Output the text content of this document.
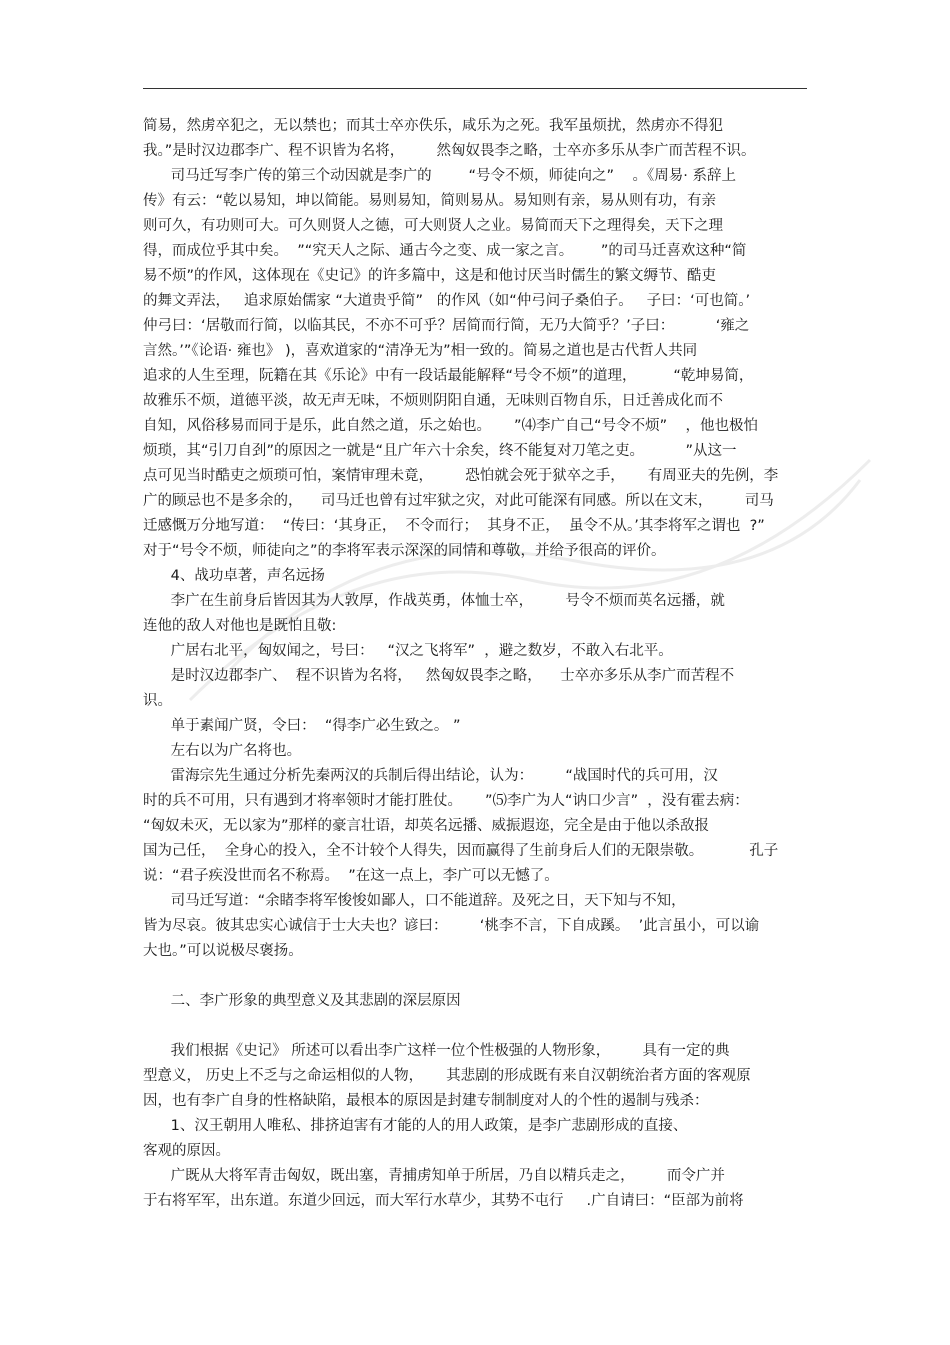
简易，然虏卒犯之，无以禁也；而其士卒亦佚乐，咸乐为之死。我军虽烦扰，然虏亦不得犯
我。”是时汉边郡李广、程不识皆为名将，       然匈奴畏李之略，士卒亦多乐从李广而苦程不识。
司马迁写李广传的第三个动因就是李广的        “号令不烦，师徒向之”    。《周易· 系辞上
传》有云：“乾以易知，坤以简能。易则易知，简则易从。易知则有亲，易从则有功，有亲
则可久，有功则可大。可久则贤人之德，可大则贤人之业。易简而天下之理得矣，天下之理
得，而成位乎其中矣。  ”“究天人之际、通古今之变、成一家之言。      ”的司马迁喜欢这种“简
易不烦”的作风，这体现在《史记》的许多篇中，这是和他讨厌当时儒生的繁文缛节、酷吏
的舞文弄法，   追求原始儒家 “大道贵乎简”   的作风（如“仲弓问子桑伯子。   子曰：‘可也简。’
仲弓曰：‘居敬而行简，以临其民，不亦不可乎？居简而行简，无乃大简乎？’子曰：         ‘雍之
言然。’”《论语· 雍也》 )，喜欢道家的“清净无为”相一致的。简易之道也是古代哲人共同
追求的人生至理，阮籍在其《乐论》中有一段话最能解释“号令不烦”的道理，        “乾坤易简，
故雅乐不烦，道德平淡，故无声无味，不烦则阴阳自通，无味则百物自乐，日迁善成化而不
自知，风俗移易而同于是乐，此自然之道，乐之始也。     ”⑷李广自己“号令不烦”    ，他也极怕
烦琐，其“引刀自刭”的原因之一就是“且广年六十余矣，终不能复对刀笔之吏。         ”从这一
点可见当时酷吏之烦琐可怕，案情审理未竟，       恐怕就会死于狱卒之手，     有周亚夫的先例，李
广的顾忌也不是多余的，    司马迁也曾有过牢狱之灾，对此可能深有同感。所以在文末，       司马
迁感慨万分地写道：  “传曰：‘其身正，  不令而行；  其身不正，  虽令不从。’其李将军之谓也  ?”
对于“号令不烦，师徒向之”的李将军表示深深的同情和尊敬，并给予很高的评价。
4、战功卓著，声名远扬
李广在生前身后皆因其为人敦厚，作战英勇，体恤士卒，       号令不烦而英名远播，就
连他的敌人对他也是既怕且敬:
广居右北平，匈奴闻之，号曰：   “汉之飞将军”  ，避之数岁，不敢入右北平。
是时汉边郡李广、  程不识皆为名将，   然匈奴畏李之略，    士卒亦多乐从李广而苦程不
识。
单于素闻广贤，令曰：  “得李广必生致之。 ”
左右以为广名将也。
雷海宗先生通过分析先秦两汉的兵制后得出结论，认为：       “战国时代的兵可用，汉
时的兵不可用，只有遇到才将率领时才能打胜仗。     ”⑸李广为人“讷口少言”  ，没有霍去病：
“匈奴未灭，无以家为”那样的豪言壮语，却英名远播、威振遐迩，完全是由于他以杀敌报
国为己任，  全身心的投入，全不计较个人得失，因而赢得了生前身后人们的无限崇敬。          孔子
说：“君子疾没世而名不称焉。  ”在这一点上，李广可以无憾了。
司马迁写道：“余睹李将军悛悛如鄙人，口不能道辞。及死之日，天下知与不知，
皆为尽哀。彼其忠实心诚信于士大夫也？谚曰：       ‘桃李不言，下自成蹊。  ’此言虽小，可以谕
大也。”可以说极尽褒扬。
二、李广形象的典型意义及其悲剧的深层原因
我们根据《史记》 所述可以看出李广这样一位个性极强的人物形象，       具有一定的典
型意义， 历史上不乏与之命运相似的人物，     其悲剧的形成既有来自汉朝统治者方面的客观原
因，也有李广自身的性格缺陷，最根本的原因是封建专制制度对人的个性的遏制与残杀：
1、汉王朝用人唯私、排挤迫害有才能的人的用人政策，是李广悲剧形成的直接、
客观的原因。
广既从大将军青击匈奴，既出塞，青捕虏知单于所居，乃自以精兵走之，       而令广并
于右将军军，出东道。东道少回远，而大军行水草少，其势不屯行     .广自请曰：“臣部为前将
